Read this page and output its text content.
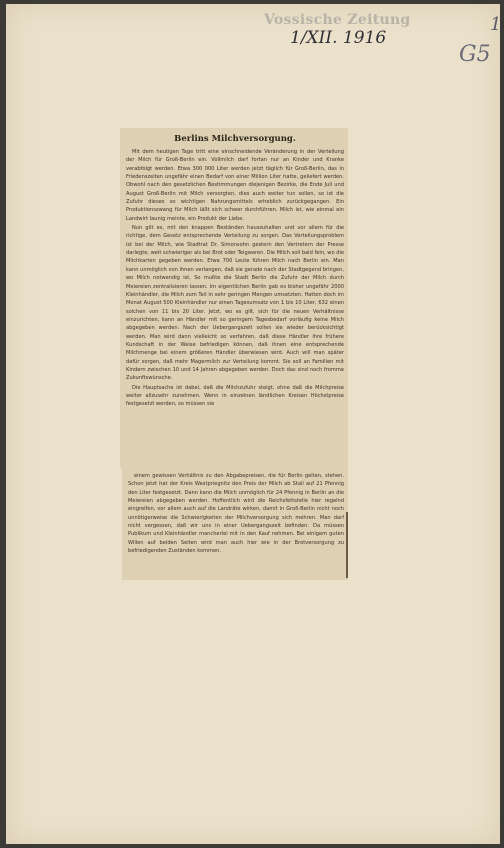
Vossische Zeitung
1/XII. 1916
1
G5
Berlins Milchversorgung.

Mit dem heutigen Tage tritt eine einschneidende Veränderung in der Verteilung der Milch für Groß-Berlin ein. Vollmilch darf fortan nur an Kinder und Kranke verabfolgt werden. Etwa 300 000 Liter werden jetzt täglich für Groß-Berlin, das in Friedenszeiten ungefähr einen Bedarf von einer Million Liter hatte, geliefert werden. Obwohl nach den gesetzlichen Bestimmungen diejenigen Bezirke, die Ende Juli und August Groß-Berlin mit Milch versorgten, dies auch weiter tun sollen, so ist die Zufuhr dieses so wichtigen Nahrungsmittels erheblich zurückgegangen. Ein Produktionszwang für Milch läßt sich schwer durchführen. Milch ist, wie einmal ein Landwirt launig meinte, ein Produkt der Liebe.

Nun gilt es, mit den knappen Beständen hauszuhalten und vor allem für die richtige, dem Gesetz entsprechende Verteilung zu sorgen. Das Verteilungsproblem ist bei der Milch, wie Stadtrat Dr. Simonsohn gestern den Vertretern der Presse darlegte, weit schwieriger als bei Brot oder Teigwaren. Die Milch soll bald fein, wo die Milchkarten gegeben werden. Etwa 700 Leute führen Milch nach Berlin ein. Man kann unmöglich von ihnen verlangen, daß sie gerade nach der Stadtgegend bringen, wo Milch notwendig ist. So mußte die Stadt Berlin die Zufuhr der Milch durch Meiereien zentralisieren lassen. Im eigentlichen Berlin gab es bisher ungefähr 2000 Kleinhändler, die Milch zum Teil in sehr geringen Mengen umsetzten. Hatten doch im Monat August 500 Kleinhändler nur einen Tagesumsatz von 1 bis 10 Liter, 632 einen solchen von 11 bis 20 Liter. Jetzt, wo es gilt, sich für die neuen Verhältnisse einzurichten, kann an Händler mit so geringem Tagesbedarf vorläufig keine Milch abgegeben werden. Nach der Uebergangszeit sollen sie wieder berücksichtigt werden. Man wird dann vielleicht so verfahren, daß diese Händler ihre frühere Kundschaft in der Weise befriedigen können, daß ihnen eine entsprechende Milchmenge bei einem größeren Händler überwiesen wird. Auch will man später dafür sorgen, daß mehr Magermilch zur Verteilung kommt. Sie soll an Familien mit Kindern zwischen 10 und 14 Jahren abgegeben werden. Doch das sind noch fromme Zukunftswünsche.

Die Hauptsache ist dabei, daß die Milchzufuhr steigt, ohne daß die Milchpreise weiter allzusehr zunehmen. Wenn in einzelnen ländlichen Kreisen Höchstpreise festgesetzt werden, so müssen sie

einem gewissen Verhältnis zu den Abgabepreisen, die für Berlin gelten, stehen. Schon jetzt hat der Kreis Westpriegnitz den Preis der Milch ab Stall auf 21 Pfennig den Liter festgesetzt. Dann kann die Milch unmöglich für 24 Pfennig in Berlin an die Meiereien abgegeben werden. Hoffentlich wird die Reichsfettstelle hier regelnd eingreifen, vor allem auch auf die Landräte wirken, damit in Groß-Berlin nicht noch unnötigerweise die Schwierigkeiten der Milchversorgung sich mehren. Man darf nicht vergessen, daß wir uns in einer Uebergangszeit befinden. Da müssen Publikum und Kleinhändler mancherlei mit in den Kauf nehmen. Bei einigem guten Willen auf beiden Seiten wird man auch hier wie in der Brotversorgung zu befriedigenden Zuständen kommen.
